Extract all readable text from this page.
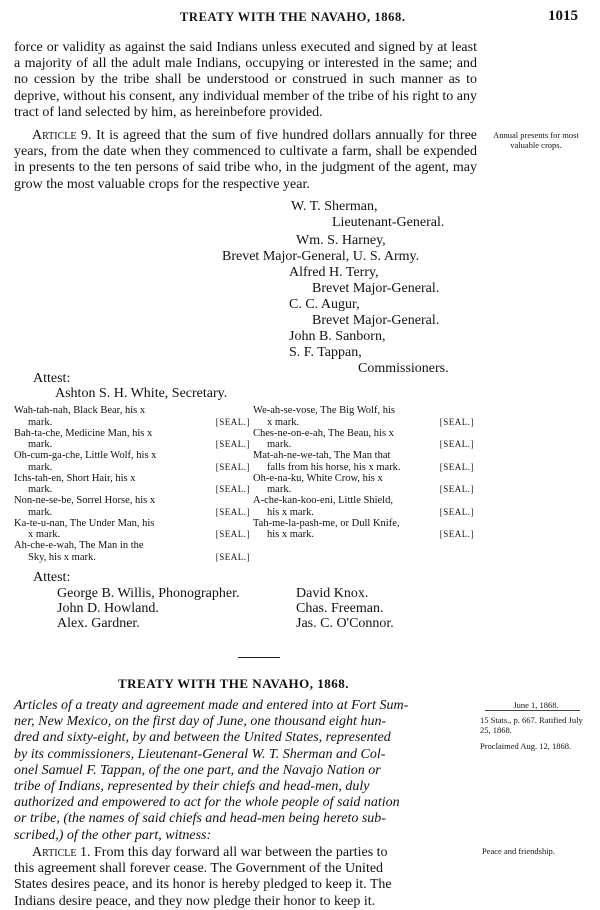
TREATY WITH THE NAVAHO, 1868.	1015
force or validity as against the said Indians unless executed and signed by at least a majority of all the adult male Indians, occupying or interested in the same; and no cession by the tribe shall be understood or construed in such manner as to deprive, without his consent, any individual member of the tribe of his right to any tract of land selected by him, as hereinbefore provided.
Article 9. It is agreed that the sum of five hundred dollars annually for three years, from the date when they commenced to cultivate a farm, shall be expended in presents to the ten persons of said tribe who, in the judgment of the agent, may grow the most valuable crops for the respective year.
Annual presents for most valuable crops.
W. T. Sherman,
Lieutenant-General.
Wm. S. Harney,
Brevet Major-General, U. S. Army.
Alfred H. Terry,
Brevet Major-General.
C. C. Augur,
Brevet Major-General.
John B. Sanborn,
S. F. Tappan,
Commissioners.
Attest:
Ashton S. H. White, Secretary.
Wah-tah-nah, Black Bear, his x
mark.	[SEAL.]
Bah-ta-che, Medicine Man, his x
mark.	[SEAL.]
Oh-cum-ga-che, Little Wolf, his x
mark.	[SEAL.]
Ichs-tah-en, Short Hair, his x
mark.	[SEAL.]
Non-ne-se-be, Sorrel Horse, his x
mark.	[SEAL.]
Ka-te-u-nan, The Under Man, his
x mark.	[SEAL.]
Ah-che-e-wah, The Man in the
Sky, his x mark.	[SEAL.]
We-ah-se-vose, The Big Wolf, his
x mark.	[SEAL.]
Ches-ne-on-e-ah, The Beau, his x
mark.	[SEAL.]
Mat-ah-ne-we-tah, The Man that
falls from his horse, his x mark.	[SEAL.]
Oh-e-na-ku, White Crow, his x
mark.	[SEAL.]
A-che-kan-koo-eni, Little Shield,
his x mark.	[SEAL.]
Tah-me-la-pash-me, or Dull Knife,
his x mark.	[SEAL.]
Attest:
George B. Willis, Phonographer.
John D. Howland.
Alex. Gardner.
David Knox.
Chas. Freeman.
Jas. C. O'Connor.
TREATY WITH THE NAVAHO, 1868.
Articles of a treaty and agreement made and entered into at Fort Sum-
ner, New Mexico, on the first day of June, one thousand eight hun-
dred and sixty-eight, by and between the United States, represented
by its commissioners, Lieutenant-General W. T. Sherman and Col-
onel Samuel F. Tappan, of the one part, and the Navajo Nation or
tribe of Indians, represented by their chiefs and head-men, duly
authorized and empowered to act for the whole people of said nation
or tribe, (the names of said chiefs and head-men being hereto sub-
scribed,) of the other part, witness:
June 1, 1868.
15 Stats., p. 667. Ratified July 25, 1868.
Proclaimed Aug. 12, 1868.
Article 1. From this day forward all war between the parties to
this agreement shall forever cease. The Government of the United
States desires peace, and its honor is hereby pledged to keep it. The
Indians desire peace, and they now pledge their honor to keep it.
Peace and friendship.
